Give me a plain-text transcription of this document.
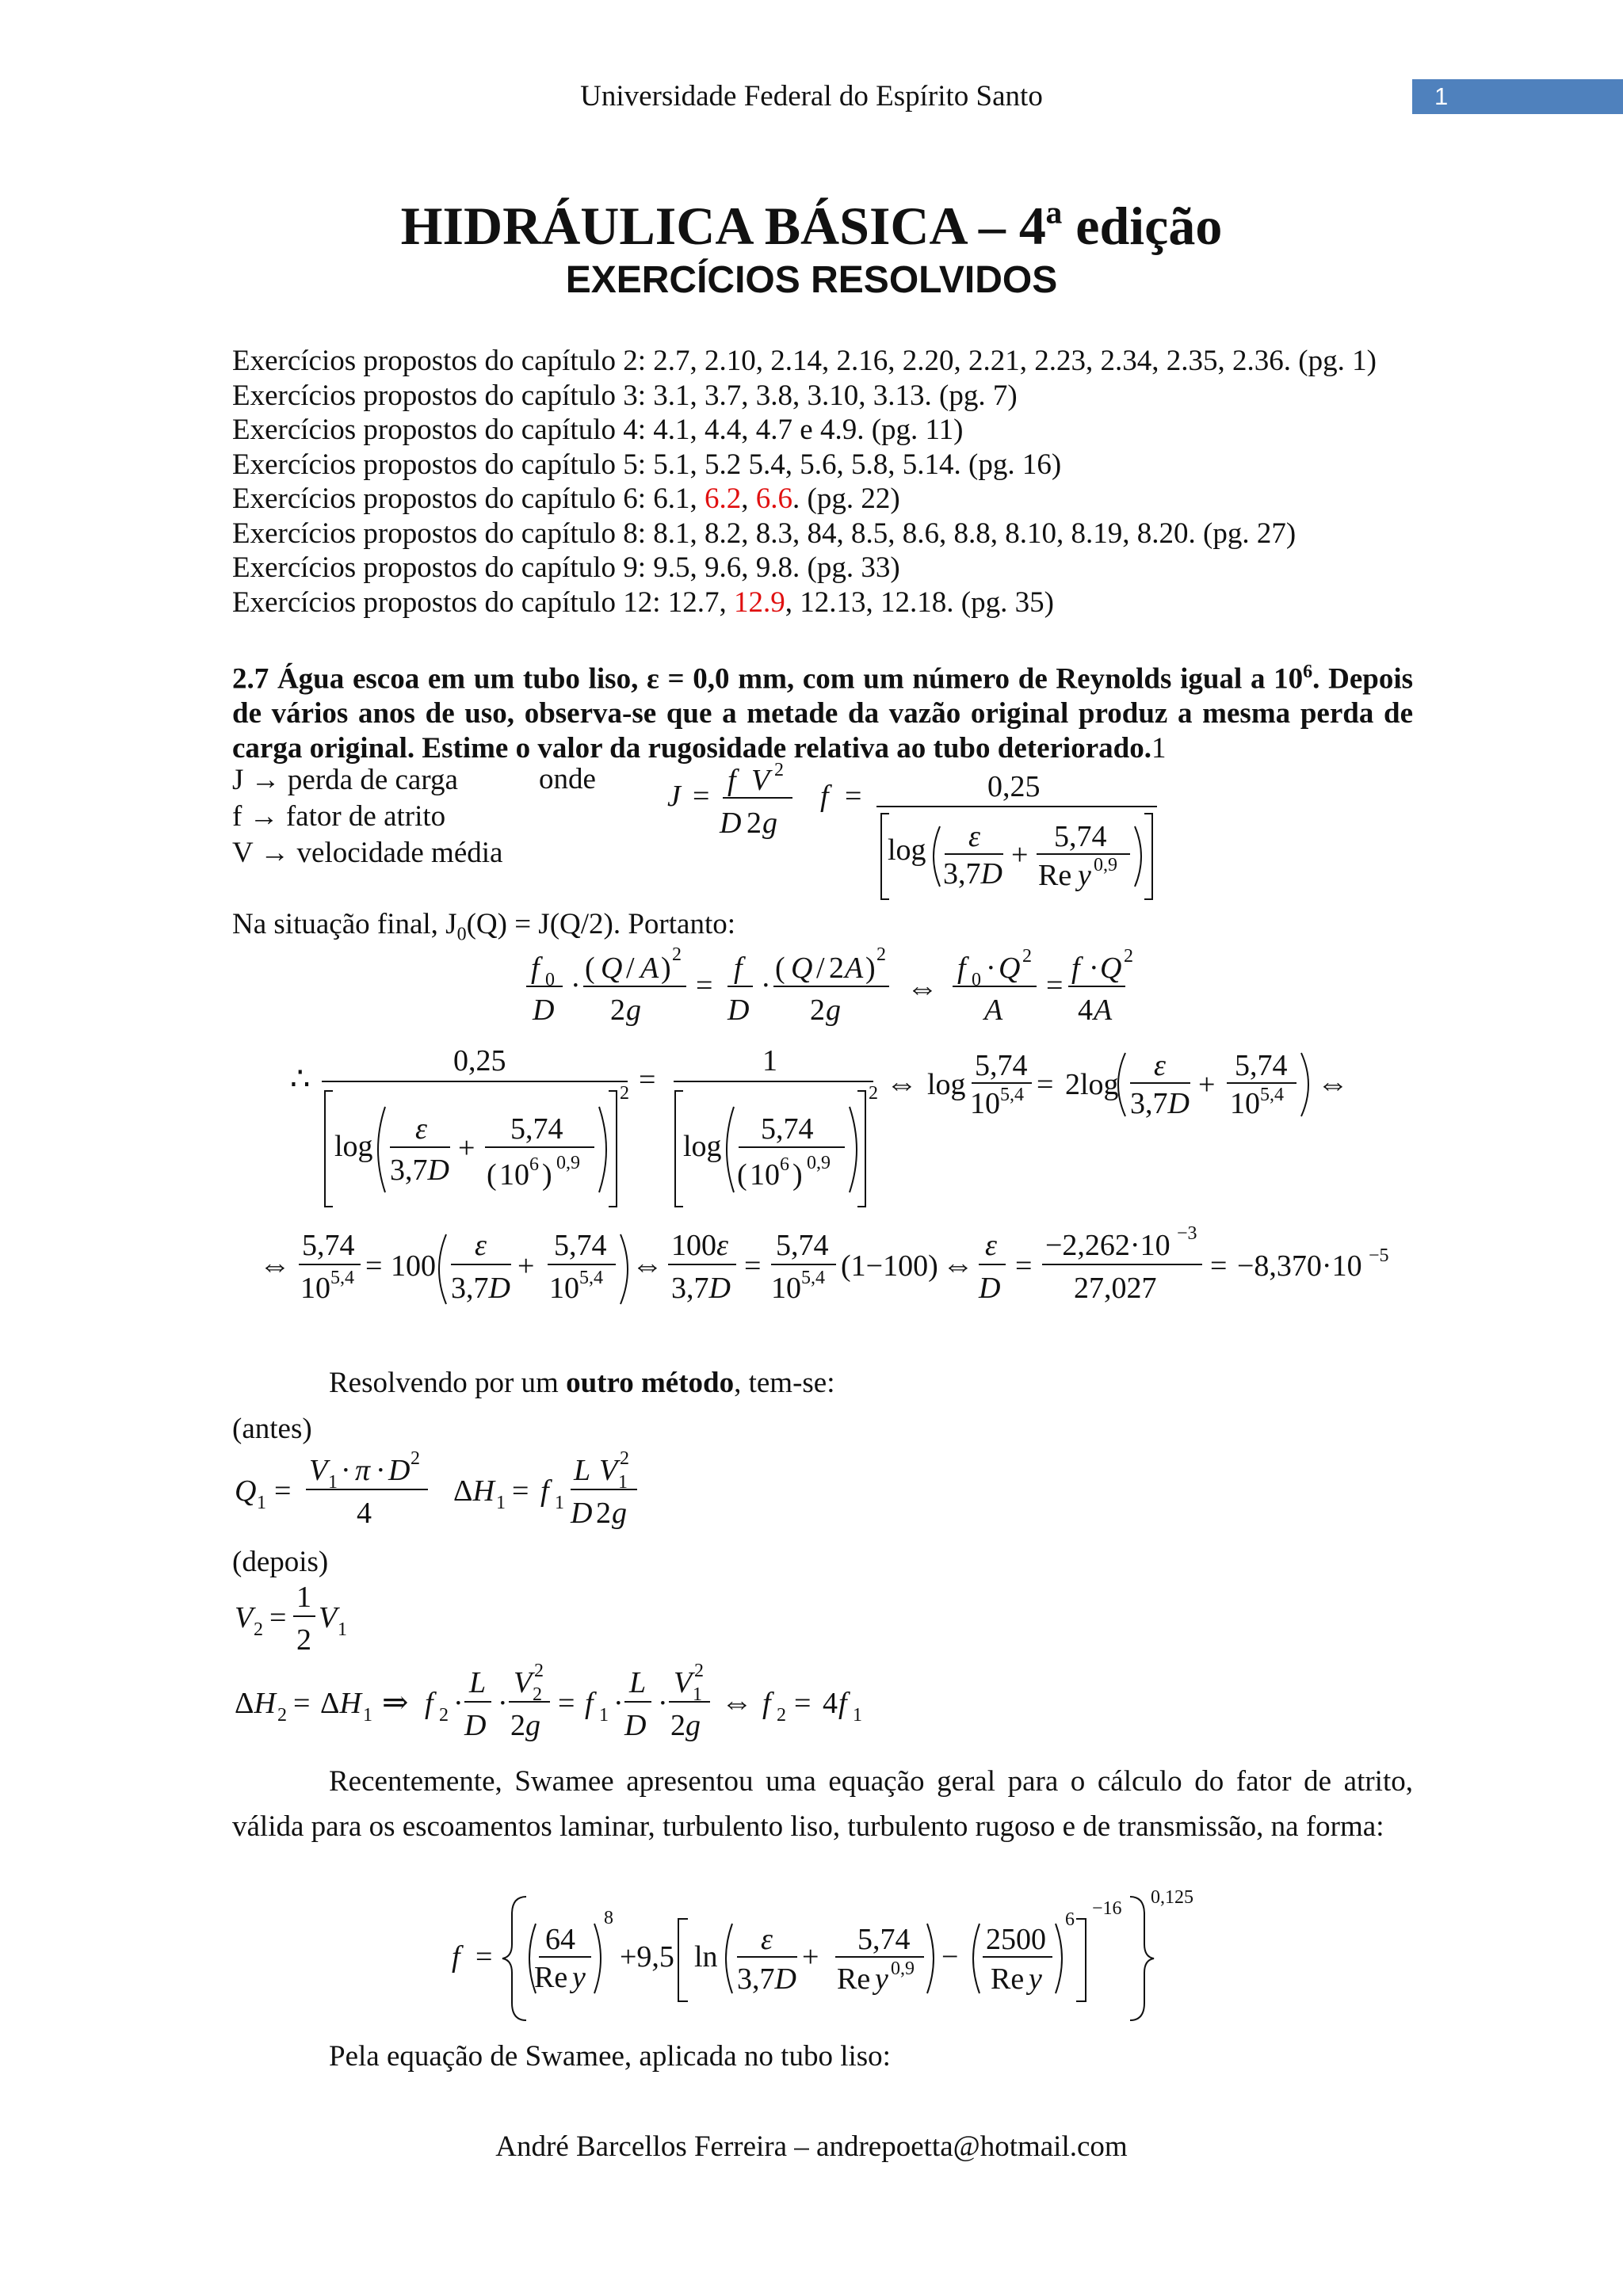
Universidade Federal do Espírito Santo	1
HIDRÁULICA BÁSICA – 4ª edição
EXERCÍCIOS RESOLVIDOS
Exercícios propostos do capítulo 2: 2.7, 2.10, 2.14, 2.16, 2.20, 2.21, 2.23, 2.34, 2.35, 2.36. (pg. 1)
Exercícios propostos do capítulo 3: 3.1, 3.7, 3.8, 3.10, 3.13. (pg. 7)
Exercícios propostos do capítulo 4: 4.1, 4.4, 4.7 e 4.9. (pg. 11)
Exercícios propostos do capítulo 5: 5.1, 5.2 5.4, 5.6, 5.8, 5.14. (pg. 16)
Exercícios propostos do capítulo 6: 6.1, 6.2, 6.6. (pg. 22)
Exercícios propostos do capítulo 8: 8.1, 8.2, 8.3, 84, 8.5, 8.6, 8.8, 8.10, 8.19, 8.20. (pg. 27)
Exercícios propostos do capítulo 9: 9.5, 9.6, 9.8. (pg. 33)
Exercícios propostos do capítulo 12: 12.7, 12.9, 12.13, 12.18. (pg. 35)
2.7 Água escoa em um tubo liso, ε = 0,0 mm, com um número de Reynolds igual a $10^6$. Depois de vários anos de uso, observa-se que a metade da vazão original produz a mesma perda de carga original. Estime o valor da rugosidade relativa ao tubo deteriorado.1
J → perda de carga
f → fator de atrito
V → velocidade média
onde
J = f V 2
D 2 g
f =	0,25
log ε
3,7D
+
5,74
Re y 0,9
Na situação final, $J_0(Q) = J(Q/2)$. Portanto:
f 0
D
·
( Q / A ) 2
2 g
=
f
D
·
( Q / 2 A ) 2
2 g
⇔
f 0 · Q 2
A
=
f · Q
4 A
2
∴	0,25
2
log
ε
3,7D
+
5,74
( 10 6 ) 0,9
=
1
2
log
5,74
( 10 6 ) 0,9
⇔ log
5,74
10 5,4 = 2log
ε
3,7D
+
5,74
10 5,4 ⇔
⇔
5,74
10 5,4 = 100
ε
3,7D
+
5,74
10 5,4 ⇔
100ε
3,7D
=
5,74
10 5,4 (1−100) ⇔
ε
D
=
−2,262·10 −3
27,027
= −8,370·10 −5
Resolvendo por um outro método, tem-se:
(antes)
Q 1 =
V 1 · π · D 2
4
ΔH 1 = f 1
L V 1
2
D 2 g
(depois)
V 2 =
1
2
V 1
ΔH 2 = ΔH 1 ⇒ f 2 ·
L
D
·
V 2
2
2g
= f 1 ·
L
D
·
V 1
2
2g
⇔ f 2 = 4 f 1
Recentemente, Swamee apresentou uma equação geral para o cálculo do fator de atrito, válida para os escoamentos laminar, turbulento liso, turbulento rugoso e de transmissão, na forma:
f =
64
Re y
8
+9,5 ln
ε
3,7D
+
5,74
Re y 0,9 −
2500
Re y
6
−16
0,125
Pela equação de Swamee, aplicada no tubo liso:
André Barcellos Ferreira – andrepoetta@hotmail.com
